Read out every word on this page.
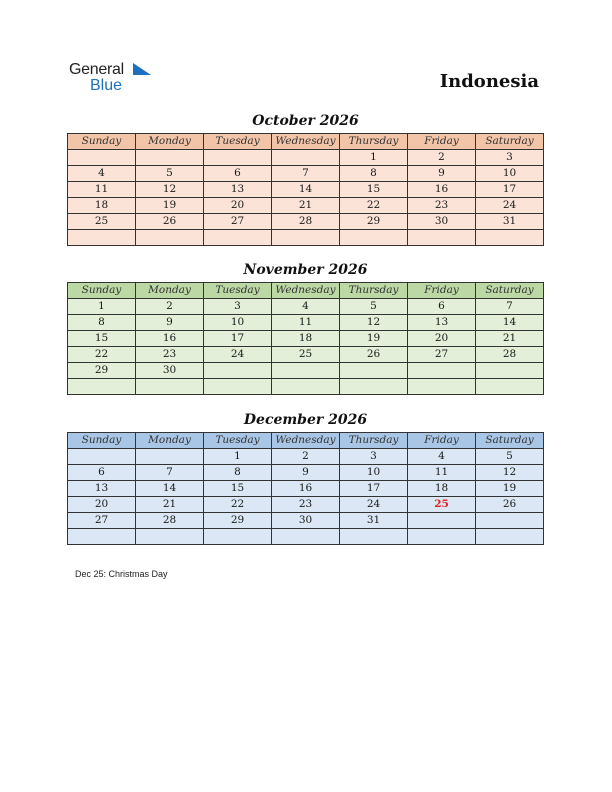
General
Blue	Indonesia
October 2026
Sunday	Monday	Tuesday	Wednesday	Thursday	Friday	Saturday
				1	2	3
4	5	6	7	8	9	10
11	12	13	14	15	16	17
18	19	20	21	22	23	24
25	26	27	28	29	30	31

November 2026
Sunday	Monday	Tuesday	Wednesday	Thursday	Friday	Saturday
1	2	3	4	5	6	7
8	9	10	11	12	13	14
15	16	17	18	19	20	21
22	23	24	25	26	27	28
29	30					

December 2026
Sunday	Monday	Tuesday	Wednesday	Thursday	Friday	Saturday
		1	2	3	4	5
6	7	8	9	10	11	12
13	14	15	16	17	18	19
20	21	22	23	24	25	26
27	28	29	30	31		

Dec 25: Christmas Day
